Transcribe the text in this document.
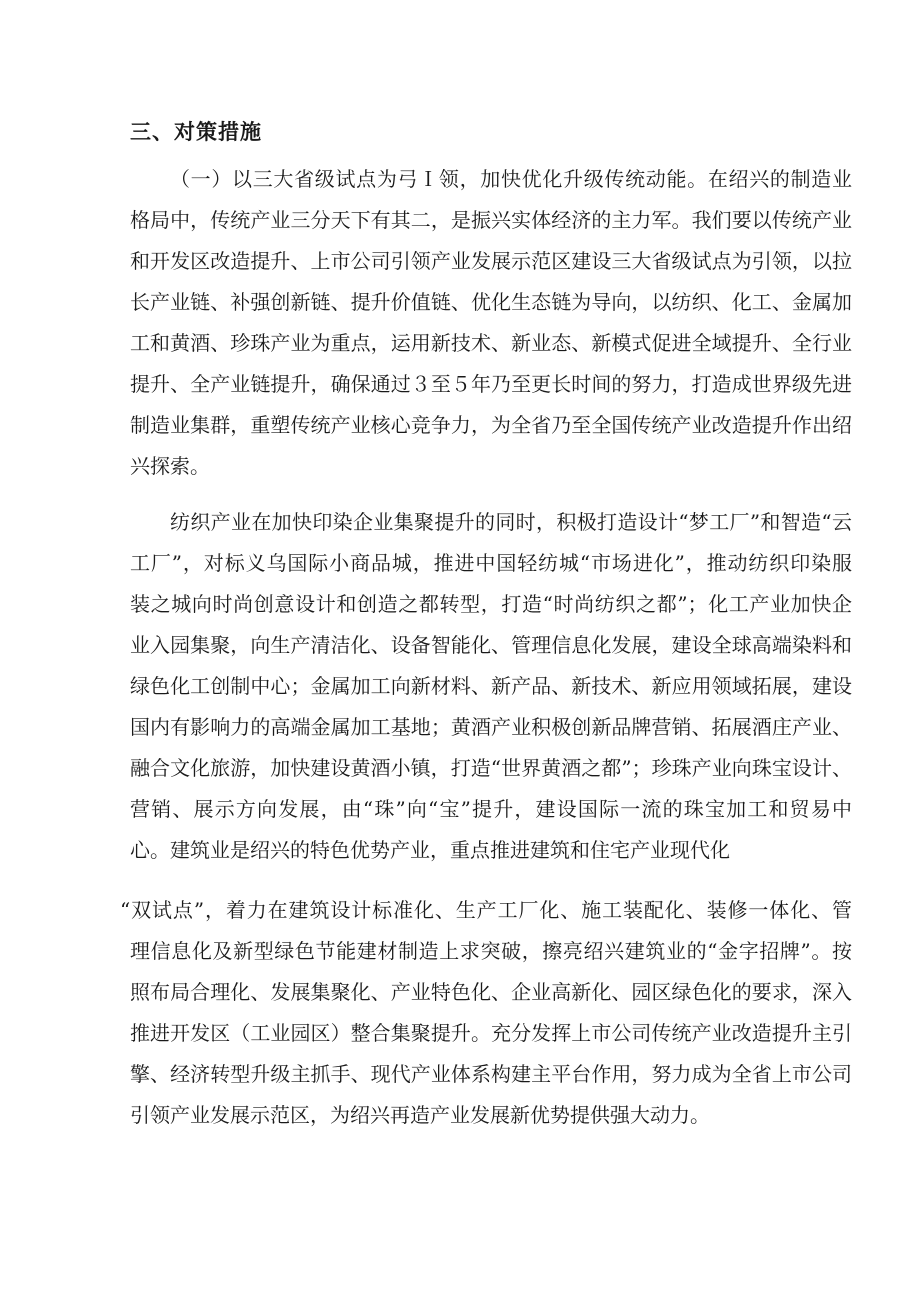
三、对策措施
（一）以三大省级试点为弓Ｉ领，加快优化升级传统动能。在绍兴的制造业
格局中，传统产业三分天下有其二，是振兴实体经济的主力军。我们要以传统产业
和开发区改造提升、上市公司引领产业发展示范区建设三大省级试点为引领，以拉
长产业链、补强创新链、提升价值链、优化生态链为导向，以纺织、化工、金属加
工和黄酒、珍珠产业为重点，运用新技术、新业态、新模式促进全域提升、全行业
提升、全产业链提升，确保通过３至５年乃至更长时间的努力，打造成世界级先进
制造业集群，重塑传统产业核心竞争力，为全省乃至全国传统产业改造提升作出绍
兴探索。
纺织产业在加快印染企业集聚提升的同时，积极打造设计“梦工厂”和智造“云
工厂”，对标义乌国际小商品城，推进中国轻纺城“市场进化”，推动纺织印染服
装之城向时尚创意设计和创造之都转型，打造“时尚纺织之都”；化工产业加快企
业入园集聚，向生产清洁化、设备智能化、管理信息化发展，建设全球高端染料和
绿色化工创制中心；金属加工向新材料、新产品、新技术、新应用领域拓展，建设
国内有影响力的高端金属加工基地；黄酒产业积极创新品牌营销、拓展酒庄产业、
融合文化旅游，加快建设黄酒小镇，打造“世界黄酒之都”；珍珠产业向珠宝设计、
营销、展示方向发展，由“珠”向“宝”提升，建设国际一流的珠宝加工和贸易中
心。建筑业是绍兴的特色优势产业，重点推进建筑和住宅产业现代化
“双试点”，着力在建筑设计标准化、生产工厂化、施工装配化、装修一体化、管
理信息化及新型绿色节能建材制造上求突破，擦亮绍兴建筑业的“金字招牌”。按
照布局合理化、发展集聚化、产业特色化、企业高新化、园区绿色化的要求，深入
推进开发区（工业园区）整合集聚提升。充分发挥上市公司传统产业改造提升主引
擎、经济转型升级主抓手、现代产业体系构建主平台作用，努力成为全省上市公司
引领产业发展示范区，为绍兴再造产业发展新优势提供强大动力。
